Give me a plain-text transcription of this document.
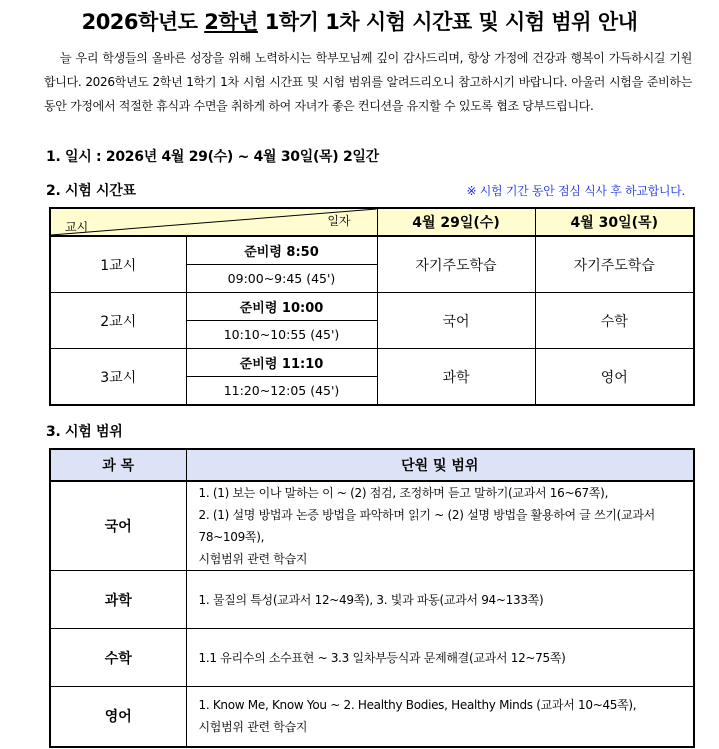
2026학년도 2학년 1학기 1차 시험 시간표 및 시험 범위 안내
늘 우리 학생들의 올바른 성장을 위해 노력하시는 학부모님께 깊이 감사드리며, 항상 가정에 건강과 행복이 가득하시길 기원합니다. 2026학년도 2학년 1학기 1차 시험 시간표 및 시험 범위를 알려드리오니 참고하시기 바랍니다. 아울러 시험을 준비하는 동안 가정에서 적절한 휴식과 수면을 취하게 하여 자녀가 좋은 컨디션을 유지할 수 있도록 협조 당부드립니다.
1. 일시 : 2026년 4월 29(수) ~ 4월 30일(목) 2일간
2. 시험 시간표	※ 시험 기간 동안 점심 식사 후 하교합니다.
일자
교시		4월 29일(수)	4월 30일(목)
1교시	준비령 8:50	자기주도학습	자기주도학습
	09:00~9:45 (45')		
2교시	준비령 10:00	국어	수학
	10:10~10:55 (45')		
3교시	준비령 11:10	과학	영어
	11:20~12:05 (45')		
3. 시험 범위
과 목	단원 및 범위
국어	1. (1) 보는 이나 말하는 이 ~ (2) 점검, 조정하며 듣고 말하기(교과서 16~67쪽),
2. (1) 설명 방법과 논증 방법을 파악하며 읽기 ~ (2) 설명 방법을 활용하여 글 쓰기(교과서 78~109쪽),
시험범위 관련 학습지

과학	1. 물질의 특성(교과서 12~49쪽), 3. 빛과 파동(교과서 94~133쪽)

수학	1.1 유리수의 소수표현 ~ 3.3 일차부등식과 문제해결(교과서 12~75쪽)

영어	1. Know Me, Know You ~ 2. Healthy Bodies, Healthy Minds (교과서 10~45쪽),
시험범위 관련 학습지
